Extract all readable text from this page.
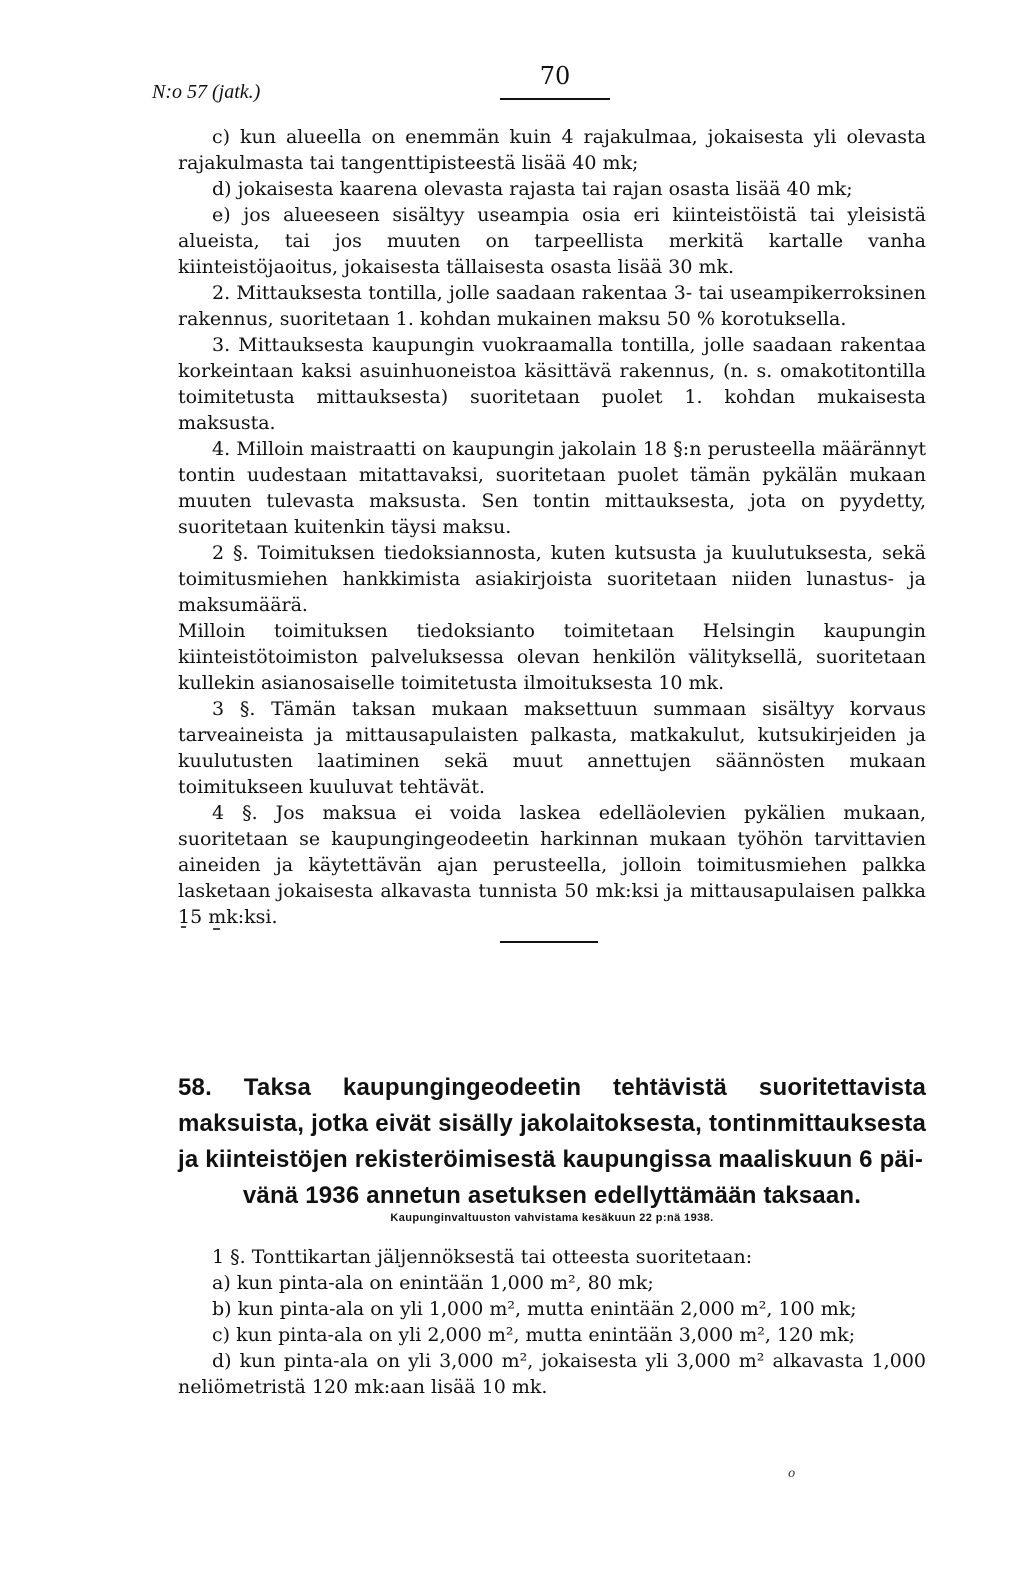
N:o 57 (jatk.)
70

c) kun alueella on enemmän kuin 4 rajakulmaa, jokaisesta yli olevasta rajakulmasta tai tangenttipisteestä lisää 40 mk;

d) jokaisesta kaarena olevasta rajasta tai rajan osasta lisää 40 mk;

e) jos alueeseen sisältyy useampia osia eri kiinteistöistä tai yleisistä alueista, tai jos muuten on tarpeellista merkitä kartalle vanha kiinteistöjaoitus, jokaisesta tällaisesta osasta lisää 30 mk.

2. Mittauksesta tontilla, jolle saadaan rakentaa 3- tai useampikerroksinen rakennus, suoritetaan 1. kohdan mukainen maksu 50 % korotuksella.

3. Mittauksesta kaupungin vuokraamalla tontilla, jolle saadaan rakentaa korkeintaan kaksi asuinhuoneistoa käsittävä rakennus, (n. s. omakotitontilla toimitetusta mittauksesta) suoritetaan puolet 1. kohdan mukaisesta maksusta.

4. Milloin maistraatti on kaupungin jakolain 18 §:n perusteella määrännyt tontin uudestaan mitattavaksi, suoritetaan puolet tämän pykälän mukaan muuten tulevasta maksusta. Sen tontin mittauksesta, jota on pyydetty, suoritetaan kuitenkin täysi maksu.

2 §. Toimituksen tiedoksiannosta, kuten kutsusta ja kuulutuksesta, sekä toimitusmiehen hankkimista asiakirjoista suoritetaan niiden lunastus- ja maksumäärä.

Milloin toimituksen tiedoksianto toimitetaan Helsingin kaupungin kiinteistötoimiston palveluksessa olevan henkilön välityksellä, suoritetaan kullekin asianosaiselle toimitetusta ilmoituksesta 10 mk.

3 §. Tämän taksan mukaan maksettuun summaan sisältyy korvaus tarveaineista ja mittausapulaisten palkasta, matkakulut, kutsukirjeiden ja kuulutusten laatiminen sekä muut annettujen säännösten mukaan toimitukseen kuuluvat tehtävät.

4 §. Jos maksua ei voida laskea edelläolevien pykälien mukaan, suoritetaan se kaupungingeodeetin harkinnan mukaan työhön tarvittavien aineiden ja käytettävän ajan perusteella, jolloin toimitusmiehen palkka lasketaan jokaisesta alkavasta tunnista 50 mk:ksi ja mittausapulaisen palkka 15 mk:ksi.

58. Taksa kaupungingeodeetin tehtävistä suoritettavista maksuista, jotka eivät sisälly jakolaitoksesta, tontinmittauksesta ja kiinteistöjen rekisteröimisestä kaupungissa maaliskuun 6 päi-
vänä 1936 annetun asetuksen edellyttämään taksaan.
Kaupunginvaltuuston vahvistama kesäkuun 22 p:nä 1938.

1 §. Tonttikartan jäljennöksestä tai otteesta suoritetaan:

a) kun pinta-ala on enintään 1,000 m², 80 mk;

b) kun pinta-ala on yli 1,000 m², mutta enintään 2,000 m², 100 mk;

c) kun pinta-ala on yli 2,000 m², mutta enintään 3,000 m², 120 mk;

d) kun pinta-ala on yli 3,000 m², jokaisesta yli 3,000 m² alkavasta 1,000 neliömetristä 120 mk:aan lisää 10 mk.

o
